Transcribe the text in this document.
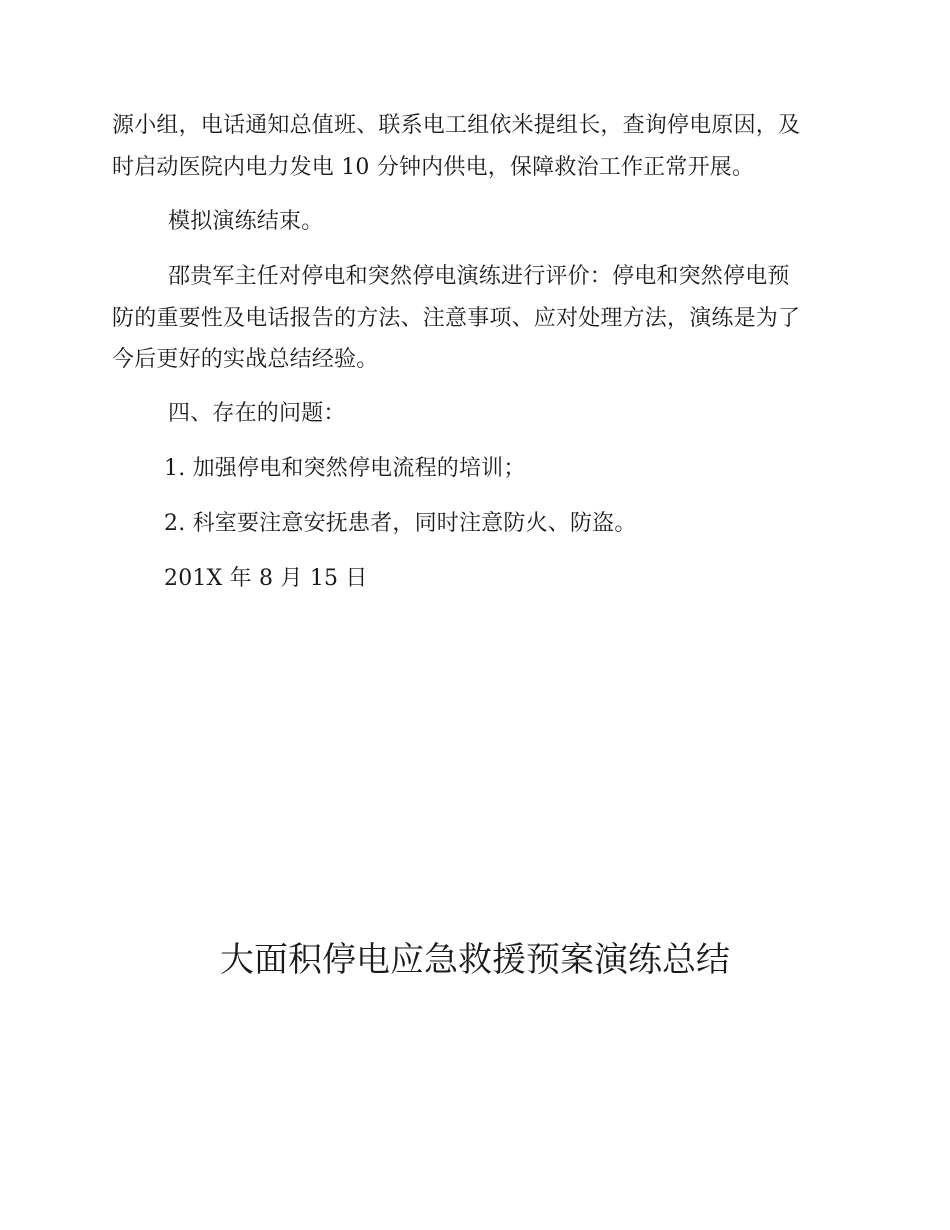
源小组，电话通知总值班、联系电工组依米提组长，查询停电原因，及
时启动医院内电力发电 10 分钟内供电，保障救治工作正常开展。
模拟演练结束。
邵贵军主任对停电和突然停电演练进行评价：停电和突然停电预
防的重要性及电话报告的方法、注意事项、应对处理方法，演练是为了
今后更好的实战总结经验。
四、存在的问题：
1. 加强停电和突然停电流程的培训；
2. 科室要注意安抚患者，同时注意防火、防盗。
201X 年 8 月 15 日
大面积停电应急救援预案演练总结
